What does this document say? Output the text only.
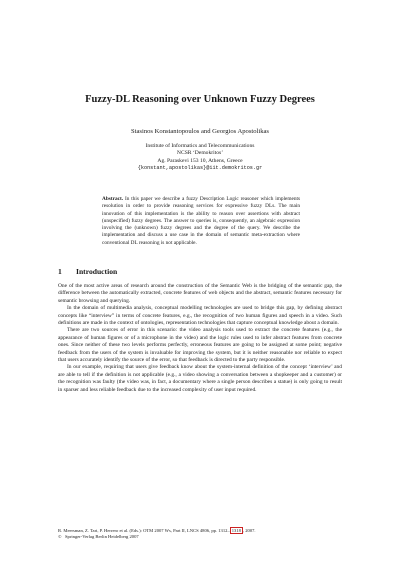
Fuzzy-DL Reasoning over Unknown Fuzzy Degrees
Stasinos Konstantopoulos and Georgios Apostolikas
Institute of Informatics and Telecommunications
NCSR ‘Demokritos’
Ag. Paraskevi 153 10, Athens, Greece
{konstant,apostolikas}@iit.demokritos.gr
Abstract. In this paper we describe a fuzzy Description Logic reasoner which implements resolution in order to provide reasoning services for expressive fuzzy DLs. The main innovation of this implementation is the ability to reason over assertions with abstract (unspecified) fuzzy degrees. The answer to queries is, consequently, an algebraic expression involving the (unknown) fuzzy degrees and the degree of the query. We describe the implementation and discuss a use case in the domain of semantic meta-extraction where conventional DL reasoning is not applicable.
1 Introduction

One of the most active areas of research around the construction of the Semantic Web is the bridging of the semantic gap, the difference between the automatically extracted, concrete features of web objects and the abstract, semantic features necessary for semantic browsing and querying.

In the domain of multimedia analysis, conceptual modelling technologies are used to bridge this gap, by defining abstract concepts like “interview” in terms of concrete features, e.g., the recognition of two human figures and speech in a video. Such definitions are made in the context of ontologies, representation technologies that capture conceptual knowledge about a domain.

There are two sources of error in this scenario: the video analysis tools used to extract the concrete features (e.g., the appearance of human figures or of a microphone in the video) and the logic rules used to infer abstract features from concrete ones. Since neither of these two levels performs perfectly, erroneous features are going to be assigned at some point; negative feedback from the users of the system is invaluable for improving the system, but it is neither reasonable nor reliable to expect that users accurately identify the source of the error, so that feedback is directed to the party responsible.

In our example, requiring that users give feedback know about the system-internal definition of the concept ‘interview’ and are able to tell if the definition is not applicable (e.g., a video showing a conversation between a shopkeeper and a customer) or the recognition was faulty (the video was, in fact, a documentary where a single person describes a statue) is only going to result in sparser and less reliable feedback due to the increased complexity of user input required.

R. Meersman, Z. Tari, P. Herrero et al. (Eds.): OTM 2007 Ws, Part II, LNCS 4806, pp. 1312– 1318 , 2007.
© Springer-Verlag Berlin Heidelberg 2007
